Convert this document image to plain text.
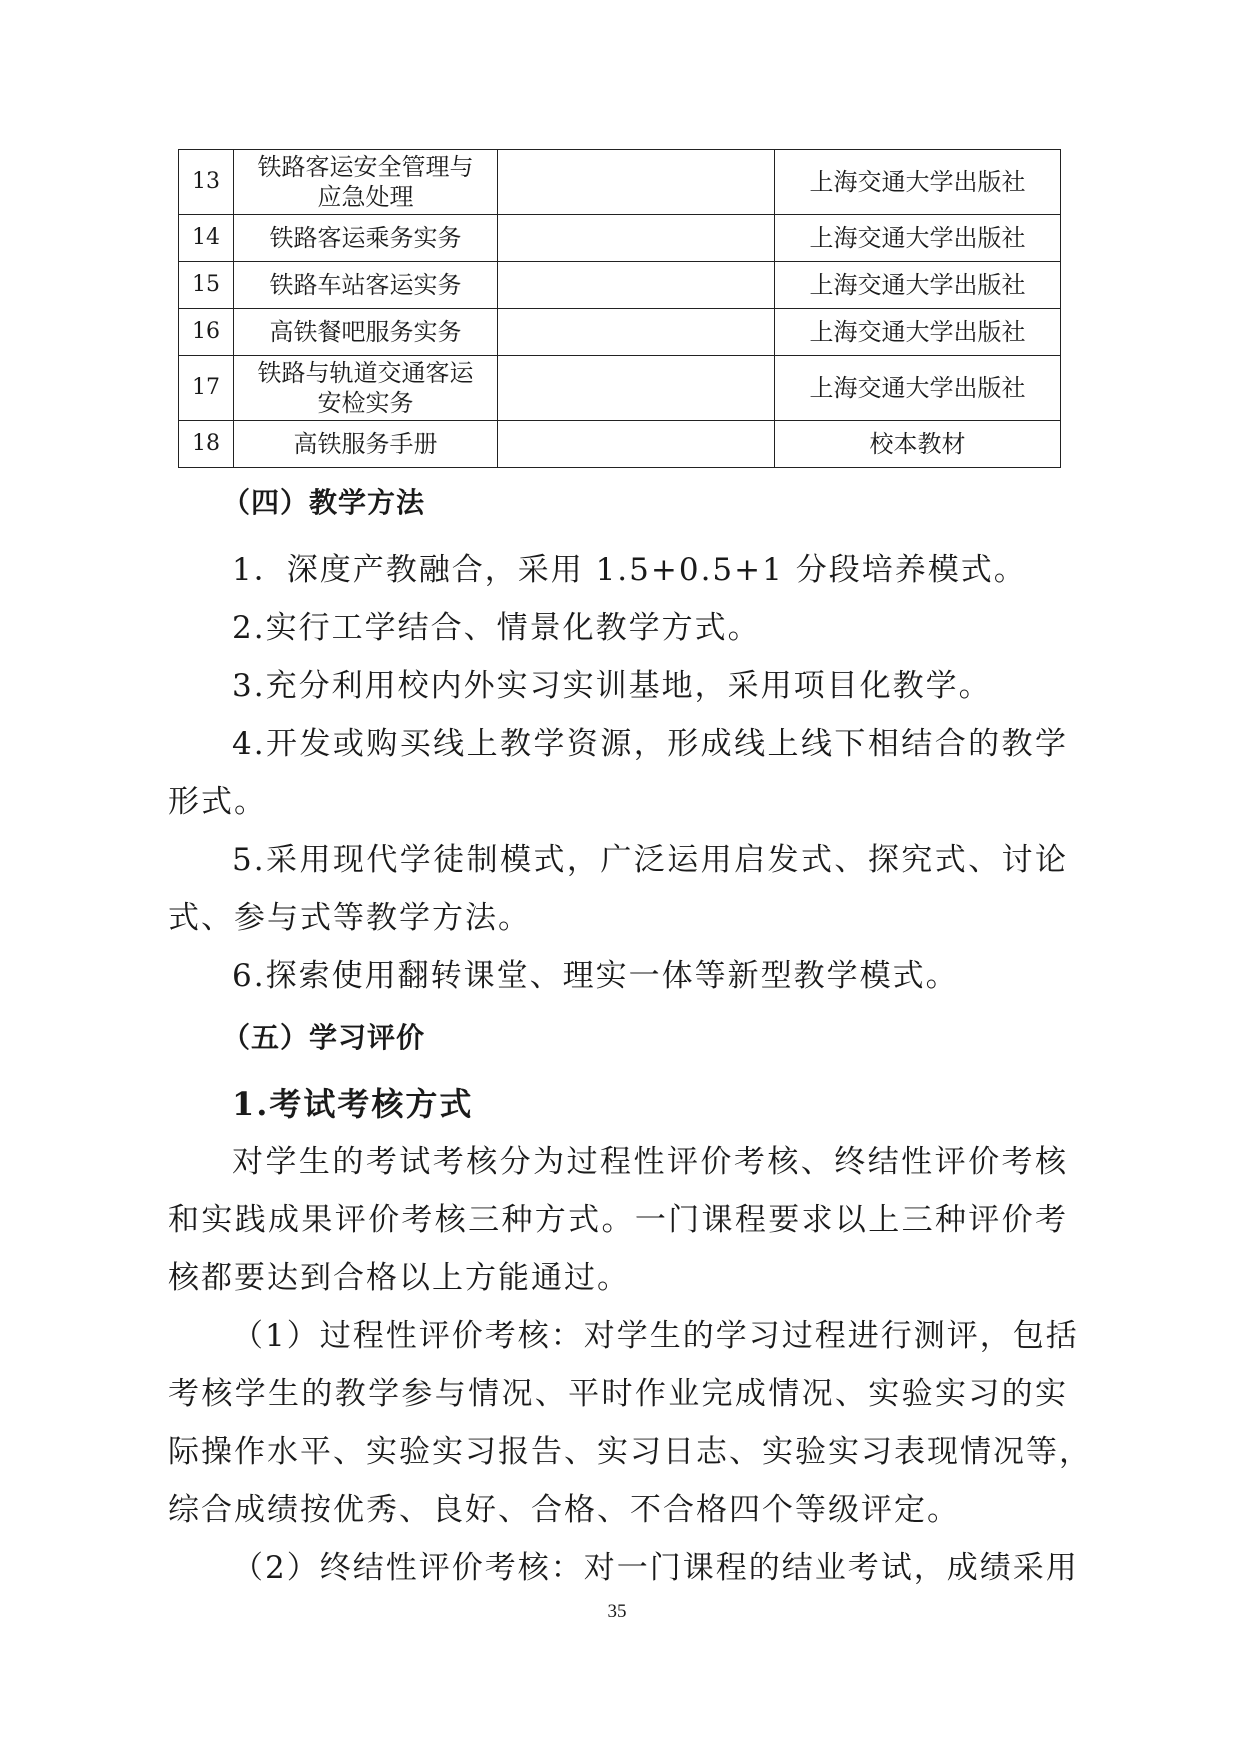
13	铁路客运安全管理与
应急处理		上海交通大学出版社
14	铁路客运乘务实务		上海交通大学出版社
15	铁路车站客运实务		上海交通大学出版社
16	高铁餐吧服务实务		上海交通大学出版社
17	铁路与轨道交通客运
安检实务		上海交通大学出版社
18	高铁服务手册		校本教材
（四）教学方法
1．深度产教融合，采用 1.5+0.5+1 分段培养模式。
2.实行工学结合、情景化教学方式。
3.充分利用校内外实习实训基地，采用项目化教学。
4.开发或购买线上教学资源，形成线上线下相结合的教学
形式。
5.采用现代学徒制模式，广泛运用启发式、探究式、讨论
式、参与式等教学方法。
6.探索使用翻转课堂、理实一体等新型教学模式。
（五）学习评价
1.考试考核方式
对学生的考试考核分为过程性评价考核、终结性评价考核
和实践成果评价考核三种方式。一门课程要求以上三种评价考
核都要达到合格以上方能通过。
（1）过程性评价考核：对学生的学习过程进行测评，包括
考核学生的教学参与情况、平时作业完成情况、实验实习的实
际操作水平、实验实习报告、实习日志、实验实习表现情况等，
综合成绩按优秀、良好、合格、不合格四个等级评定。
（2）终结性评价考核：对一门课程的结业考试，成绩采用
35
